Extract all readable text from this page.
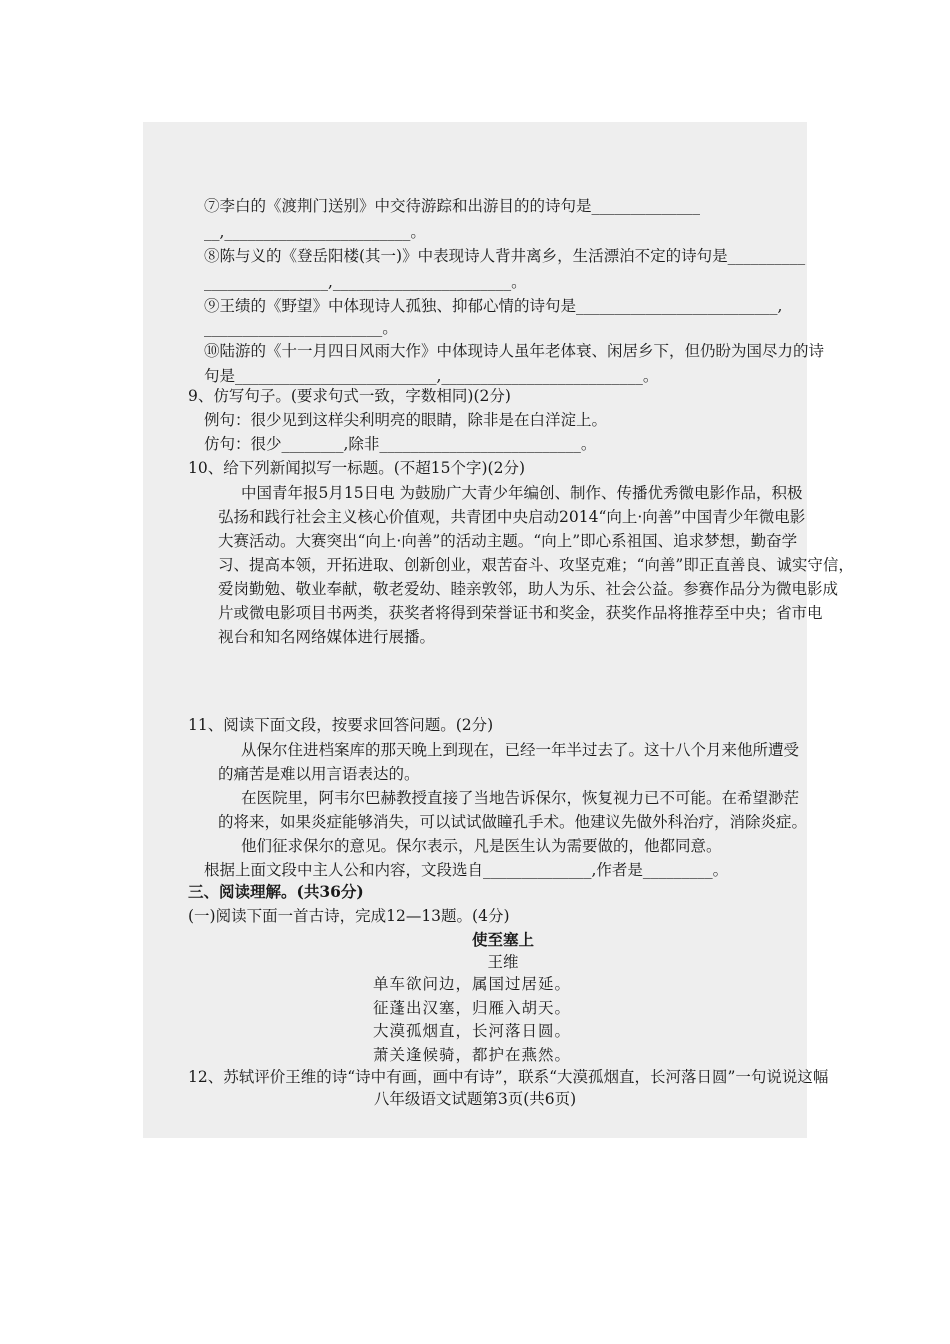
⑦李白的《渡荆门送别》中交待游踪和出游目的的诗句是______________
__,________________________。
⑧陈与义的《登岳阳楼(其一)》中表现诗人背井离乡，生活漂泊不定的诗句是__________
________________,_______________________。
⑨王绩的《野望》中体现诗人孤独、抑郁心情的诗句是__________________________,
_______________________。
⑩陆游的《十一月四日风雨大作》中体现诗人虽年老体衰、闲居乡下，但仍盼为国尽力的诗
句是__________________________,__________________________。
9、仿写句子。(要求句式一致，字数相同)(2分)
例句：很少见到这样尖利明亮的眼睛，除非是在白洋淀上。
仿句：很少________,除非__________________________。
10、给下列新闻拟写一标题。(不超15个字)(2分)
中国青年报5月15日电 为鼓励广大青少年编创、制作、传播优秀微电影作品，积极
弘扬和践行社会主义核心价值观，共青团中央启动2014“向上·向善”中国青少年微电影
大赛活动。大赛突出“向上·向善”的活动主题。“向上”即心系祖国、追求梦想，勤奋学
习、提高本领，开拓进取、创新创业，艰苦奋斗、攻坚克难；“向善”即正直善良、诚实守信，
爱岗勤勉、敬业奉献，敬老爱幼、睦亲敦邻，助人为乐、社会公益。参赛作品分为微电影成
片或微电影项目书两类，获奖者将得到荣誉证书和奖金，获奖作品将推荐至中央；省市电
视台和知名网络媒体进行展播。
11、阅读下面文段，按要求回答问题。(2分)
从保尔住进档案库的那天晚上到现在，已经一年半过去了。这十八个月来他所遭受
的痛苦是难以用言语表达的。
在医院里，阿韦尔巴赫教授直接了当地告诉保尔，恢复视力已不可能。在希望渺茫
的将来，如果炎症能够消失，可以试试做瞳孔手术。他建议先做外科治疗，消除炎症。
他们征求保尔的意见。保尔表示，凡是医生认为需要做的，他都同意。
根据上面文段中主人公和内容，文段选自______________,作者是_________。
三、阅读理解。(共36分)
(一)阅读下面一首古诗，完成12—13题。(4分)
使至塞上
王维
单车欲问边，属国过居延。
征蓬出汉塞，归雁入胡天。
大漠孤烟直，长河落日圆。
萧关逢候骑，都护在燕然。
12、苏轼评价王维的诗“诗中有画，画中有诗”，联系“大漠孤烟直，长河落日圆”一句说说这幅
八年级语文试题第3页(共6页)
